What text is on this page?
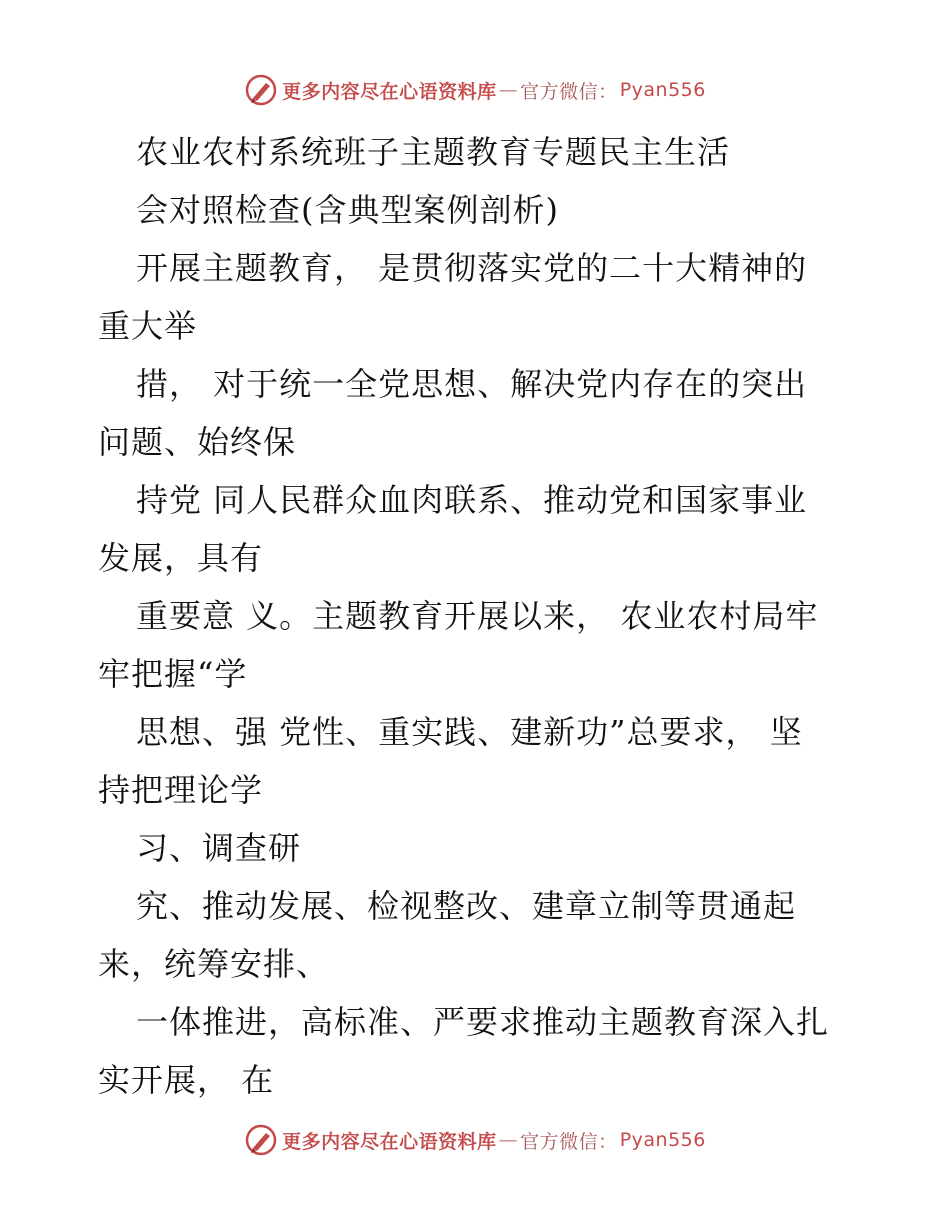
更多内容尽在心语资料库 — 官方微信： Pyan556
农业农村系统班子主题教育专题民主生活
会对照检查(含典型案例剖析)
开展主题教育， 是贯彻落实党的二十大精神的
重大举
措， 对于统一全党思想、解决党内存在的突出
问题、始终保
持党 同人民群众血肉联系、推动党和国家事业
发展，具有
重要意 义。主题教育开展以来， 农业农村局牢
牢把握“学
思想、强 党性、重实践、建新功”总要求， 坚
持把理论学
习、调查研
究、推动发展、检视整改、建章立制等贯通起
来，统筹安排、
一体推进，高标准、严要求推动主题教育深入扎
实开展， 在
更多内容尽在心语资料库 — 官方微信： Pyan556
